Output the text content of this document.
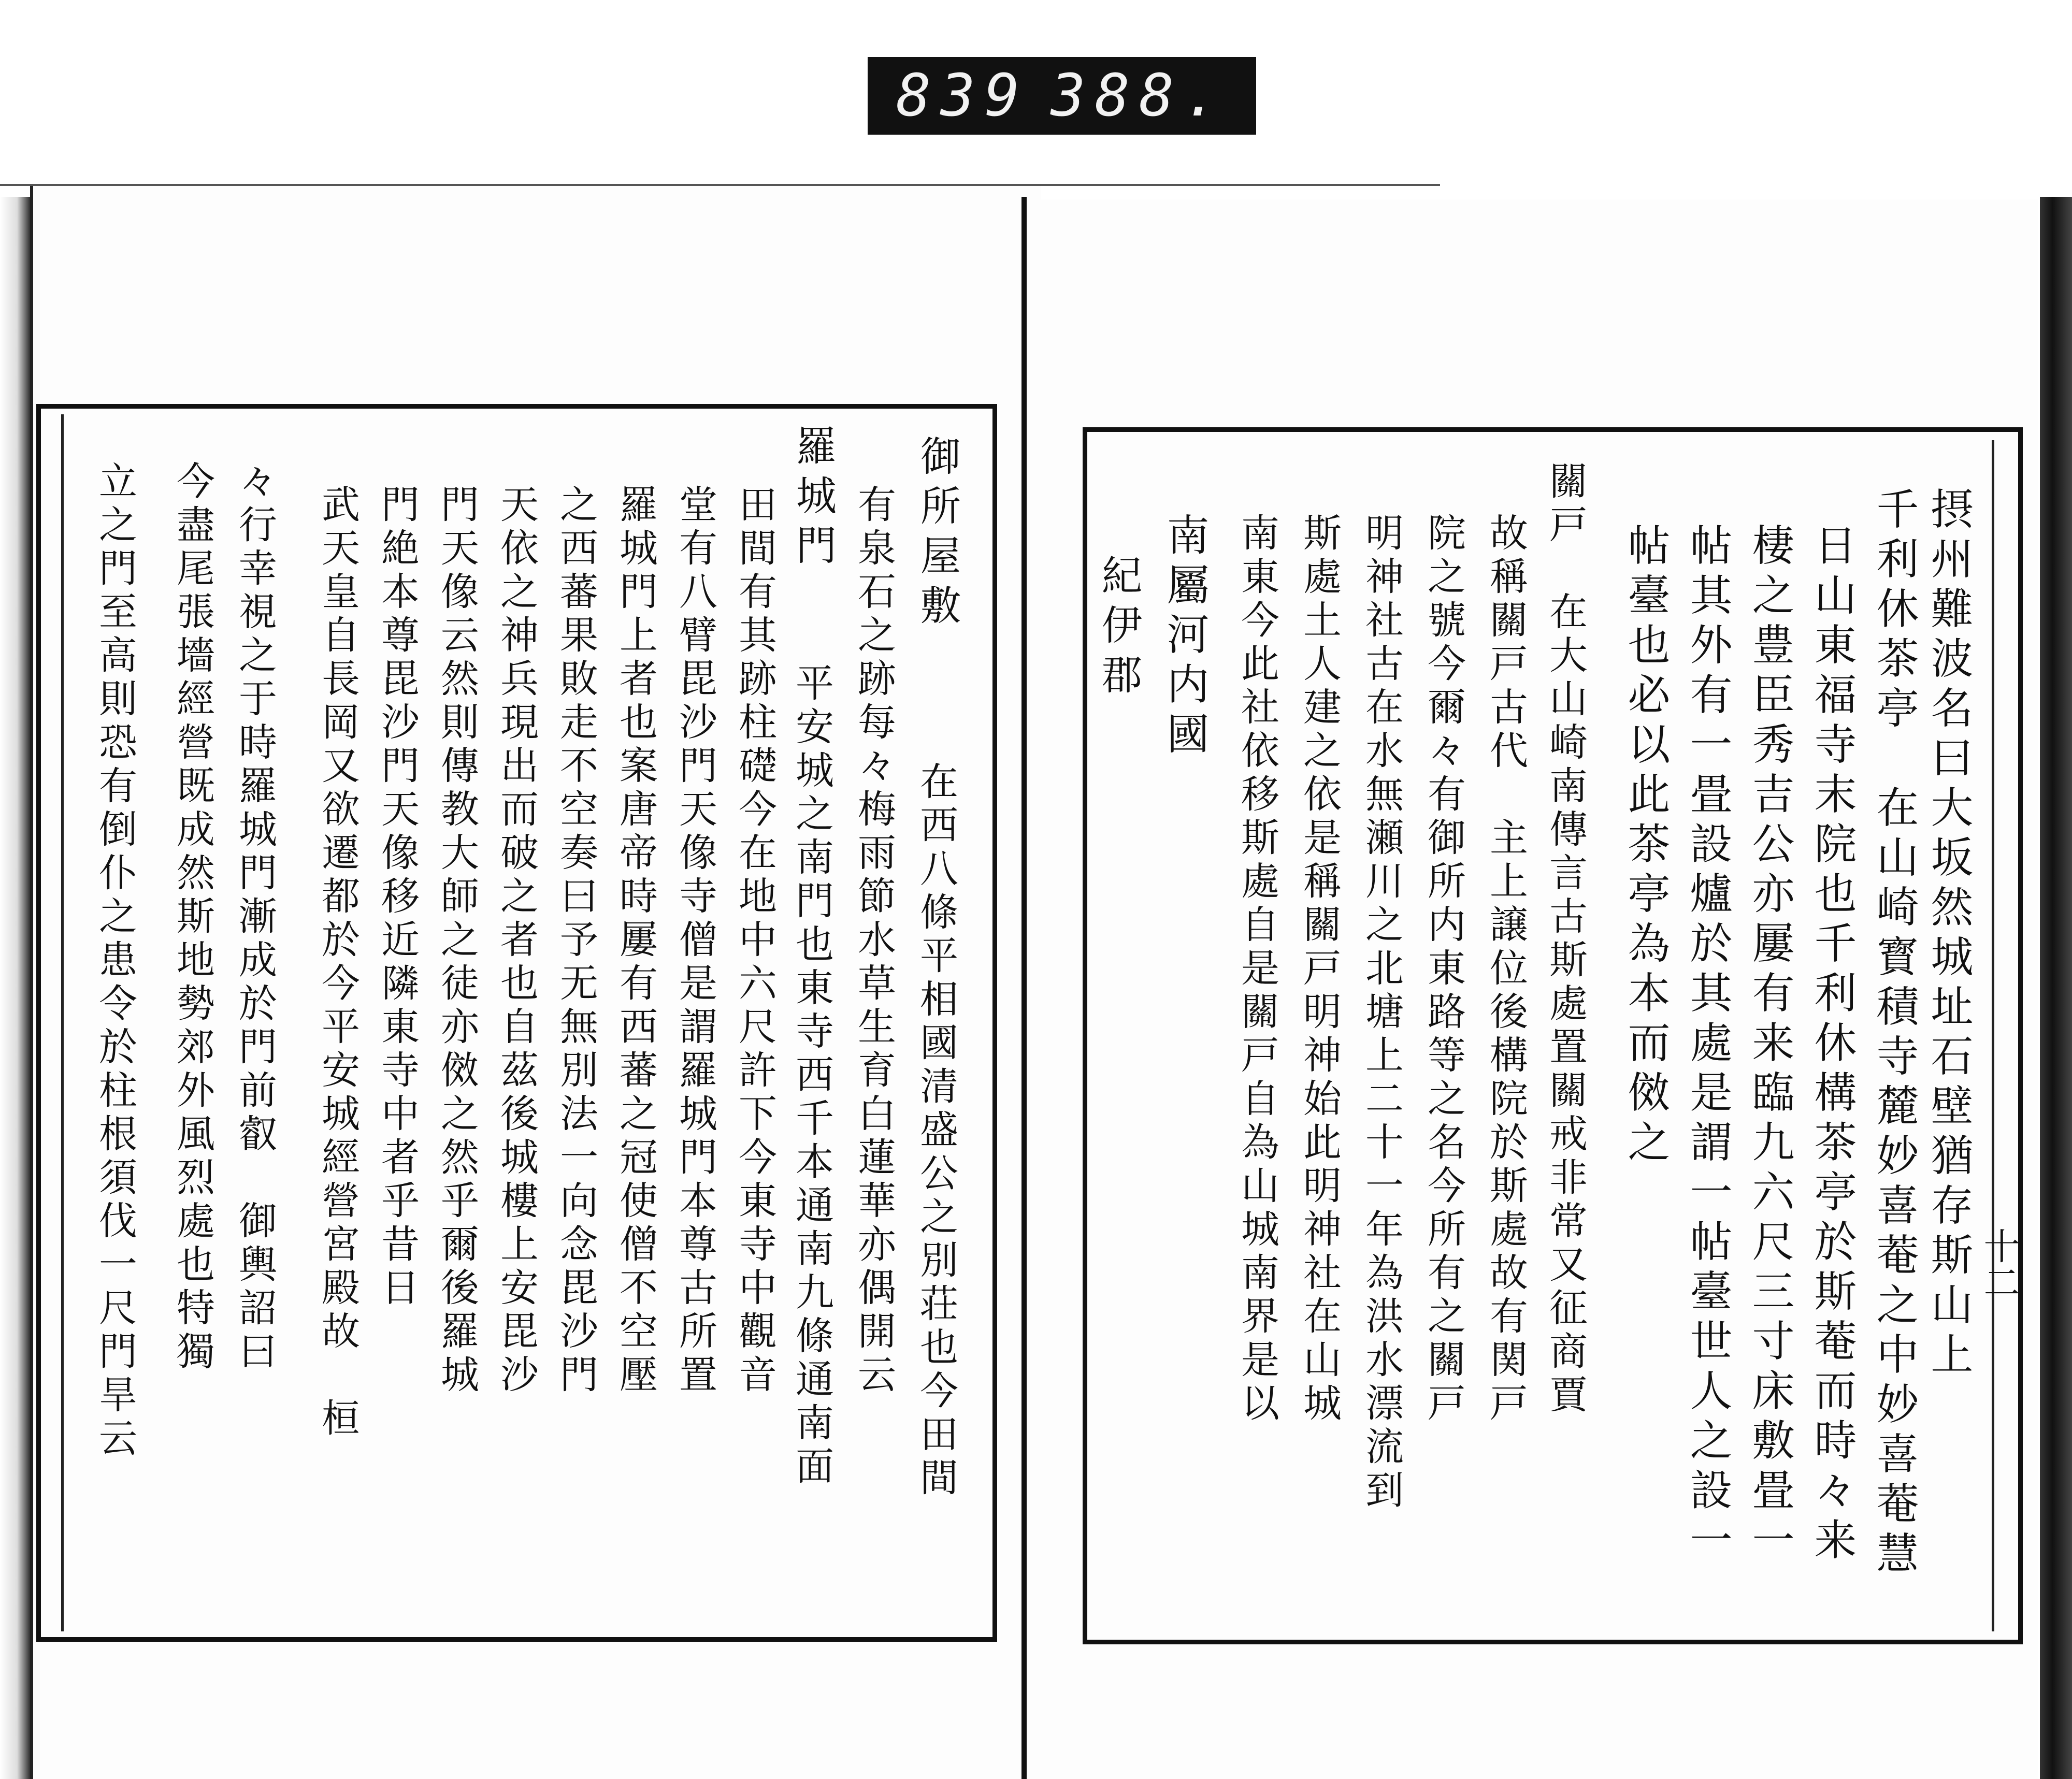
839 388.
十二
摂州難波名曰大坂然城址石壁猶存斯山上
千利休茶亭　在山崎寳積寺麓妙喜菴之中妙喜菴慧
日山東福寺末院也千利休構茶亭於斯菴而時々来
棲之豊臣秀吉公亦屢有来臨九六尺三寸床敷畳一
帖其外有一畳設爐於其處是謂一帖臺世人之設一
帖臺也必以此茶亭為本而傚之
關戸　在大山崎南傳言古斯處置關戒非常又征商賈
故稱關戸古代　主上譲位後構院於斯處故有関戸
院之號今爾々有御所内東路等之名今所有之關戸
明神社古在水無瀬川之北塘上二十一年為洪水漂流到
斯處土人建之依是稱關戸明神始此明神社在山城
南東今此社依移斯處自是關戸自為山城南界是以
南屬河内國
紀伊郡
御所屋敷
在西八條平相國清盛公之別荘也今田間
有泉石之跡每々梅雨節水草生育白蓮華亦偶開云
羅城門
平安城之南門也東寺西千本通南九條通南面
田間有其跡柱礎今在地中六尺許下今東寺中觀音
堂有八臂毘沙門天像寺僧是謂羅城門本尊古所置
羅城門上者也案唐帝時屢有西蕃之冠使僧不空壓
之西蕃果敗走不空奏曰予无無別法一向念毘沙門
天依之神兵現出而破之者也自茲後城樓上安毘沙
門天像云然則傳教大師之徒亦傚之然乎爾後羅城
門絶本尊毘沙門天像移近隣東寺中者乎昔日
武天皇自長岡又欲遷都於今平安城經營宮殿故　桓
々行幸視之于時羅城門漸成於門前叡　御輿詔曰
今盡尾張墻經營既成然斯地勢郊外風烈處也特獨
立之門至高則恐有倒仆之患令於柱根須伐一尺門旱云
